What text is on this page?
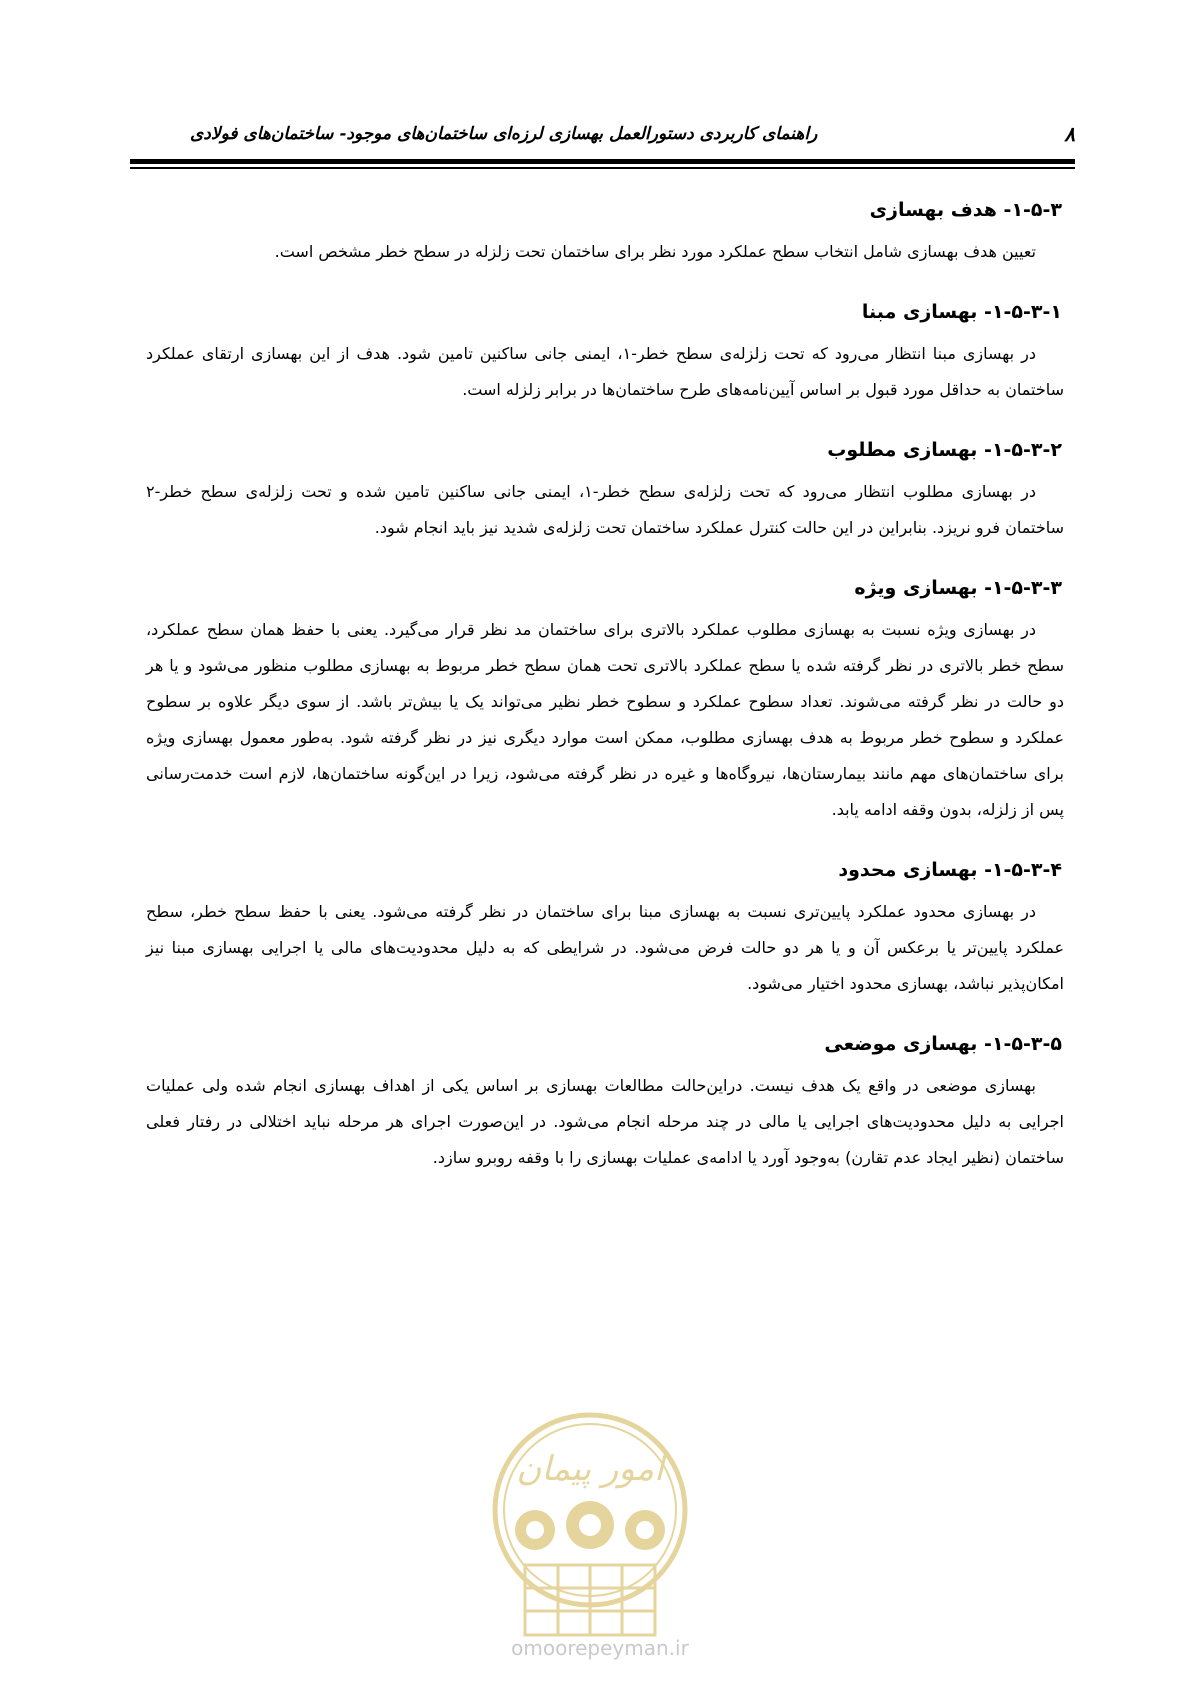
۸
راهنمای کاربردی دستورالعمل بهسازی لرزه‌ای ساختمان‌های موجود- ساختمان‌های فولادی
۱-۵-۳- هدف بهسازی

تعیین هدف بهسازی شامل انتخاب سطح عملکرد مورد نظر برای ساختمان تحت زلزله در سطح خطر مشخص است.

۱-۵-۳-۱- بهسازی مبنا

در بهسازی مبنا انتظار می‌رود که تحت زلزله‌ی سطح خطر-۱، ایمنی جانی ساکنین تامین شود. هدف از این بهسازی ارتقای عملکرد ساختمان به حداقل مورد قبول بر اساس آیین‌نامه‌های طرح ساختمان‌ها در برابر زلزله است.

۱-۵-۳-۲- بهسازی مطلوب

در بهسازی مطلوب انتظار می‌رود که تحت زلزله‌ی سطح خطر-۱، ایمنی جانی ساکنین تامین شده و تحت زلزله‌ی سطح خطر-۲ ساختمان فرو نریزد. بنابراین در این حالت کنترل عملکرد ساختمان تحت زلزله‌ی شدید نیز باید انجام شود.

۱-۵-۳-۳- بهسازی ویژه

در بهسازی ویژه نسبت به بهسازی مطلوب عملکرد بالاتری برای ساختمان مد نظر قرار می‌گیرد. یعنی با حفظ همان سطح عملکرد، سطح خطر بالاتری در نظر گرفته شده یا سطح عملکرد بالاتری تحت همان سطح خطر مربوط به بهسازی مطلوب منظور می‌شود و یا هر دو حالت در نظر گرفته می‌شوند. تعداد سطوح عملکرد و سطوح خطر نظیر می‌تواند یک یا بیش‌تر باشد. از سوی دیگر علاوه بر سطوح عملکرد و سطوح خطر مربوط به هدف بهسازی مطلوب، ممکن است موارد دیگری نیز در نظر گرفته شود. به‌طور معمول بهسازی ویژه برای ساختمان‌های مهم مانند بیمارستان‌ها، نیروگاه‌ها و غیره در نظر گرفته می‌شود، زیرا در این‌گونه ساختمان‌ها، لازم است خدمت‌رسانی پس از زلزله، بدون وقفه ادامه یابد.

۱-۵-۳-۴- بهسازی محدود

در بهسازی محدود عملکرد پایین‌تری نسبت به بهسازی مبنا برای ساختمان در نظر گرفته می‌شود. یعنی با حفظ سطح خطر، سطح عملکرد پایین‌تر یا برعکس آن و یا هر دو حالت فرض می‌شود. در شرایطی که به دلیل محدودیت‌های مالی یا اجرایی بهسازی مبنا نیز امکان‌پذیر نباشد، بهسازی محدود اختیار می‌شود.

۱-۵-۳-۵- بهسازی موضعی

بهسازی موضعی در واقع یک هدف نیست. دراین‌حالت مطالعات بهسازی بر اساس یکی از اهداف بهسازی انجام شده ولی عملیات اجرایی به دلیل محدودیت‌های اجرایی یا مالی در چند مرحله انجام می‌شود. در این‌صورت اجرای هر مرحله نباید اختلالی در رفتار فعلی ساختمان (نظیر ایجاد عدم تقارن) به‌وجود آورد یا ادامه‌ی عملیات بهسازی را با وقفه روبرو سازد.

امور پیمان
omoorepeyman.ir
